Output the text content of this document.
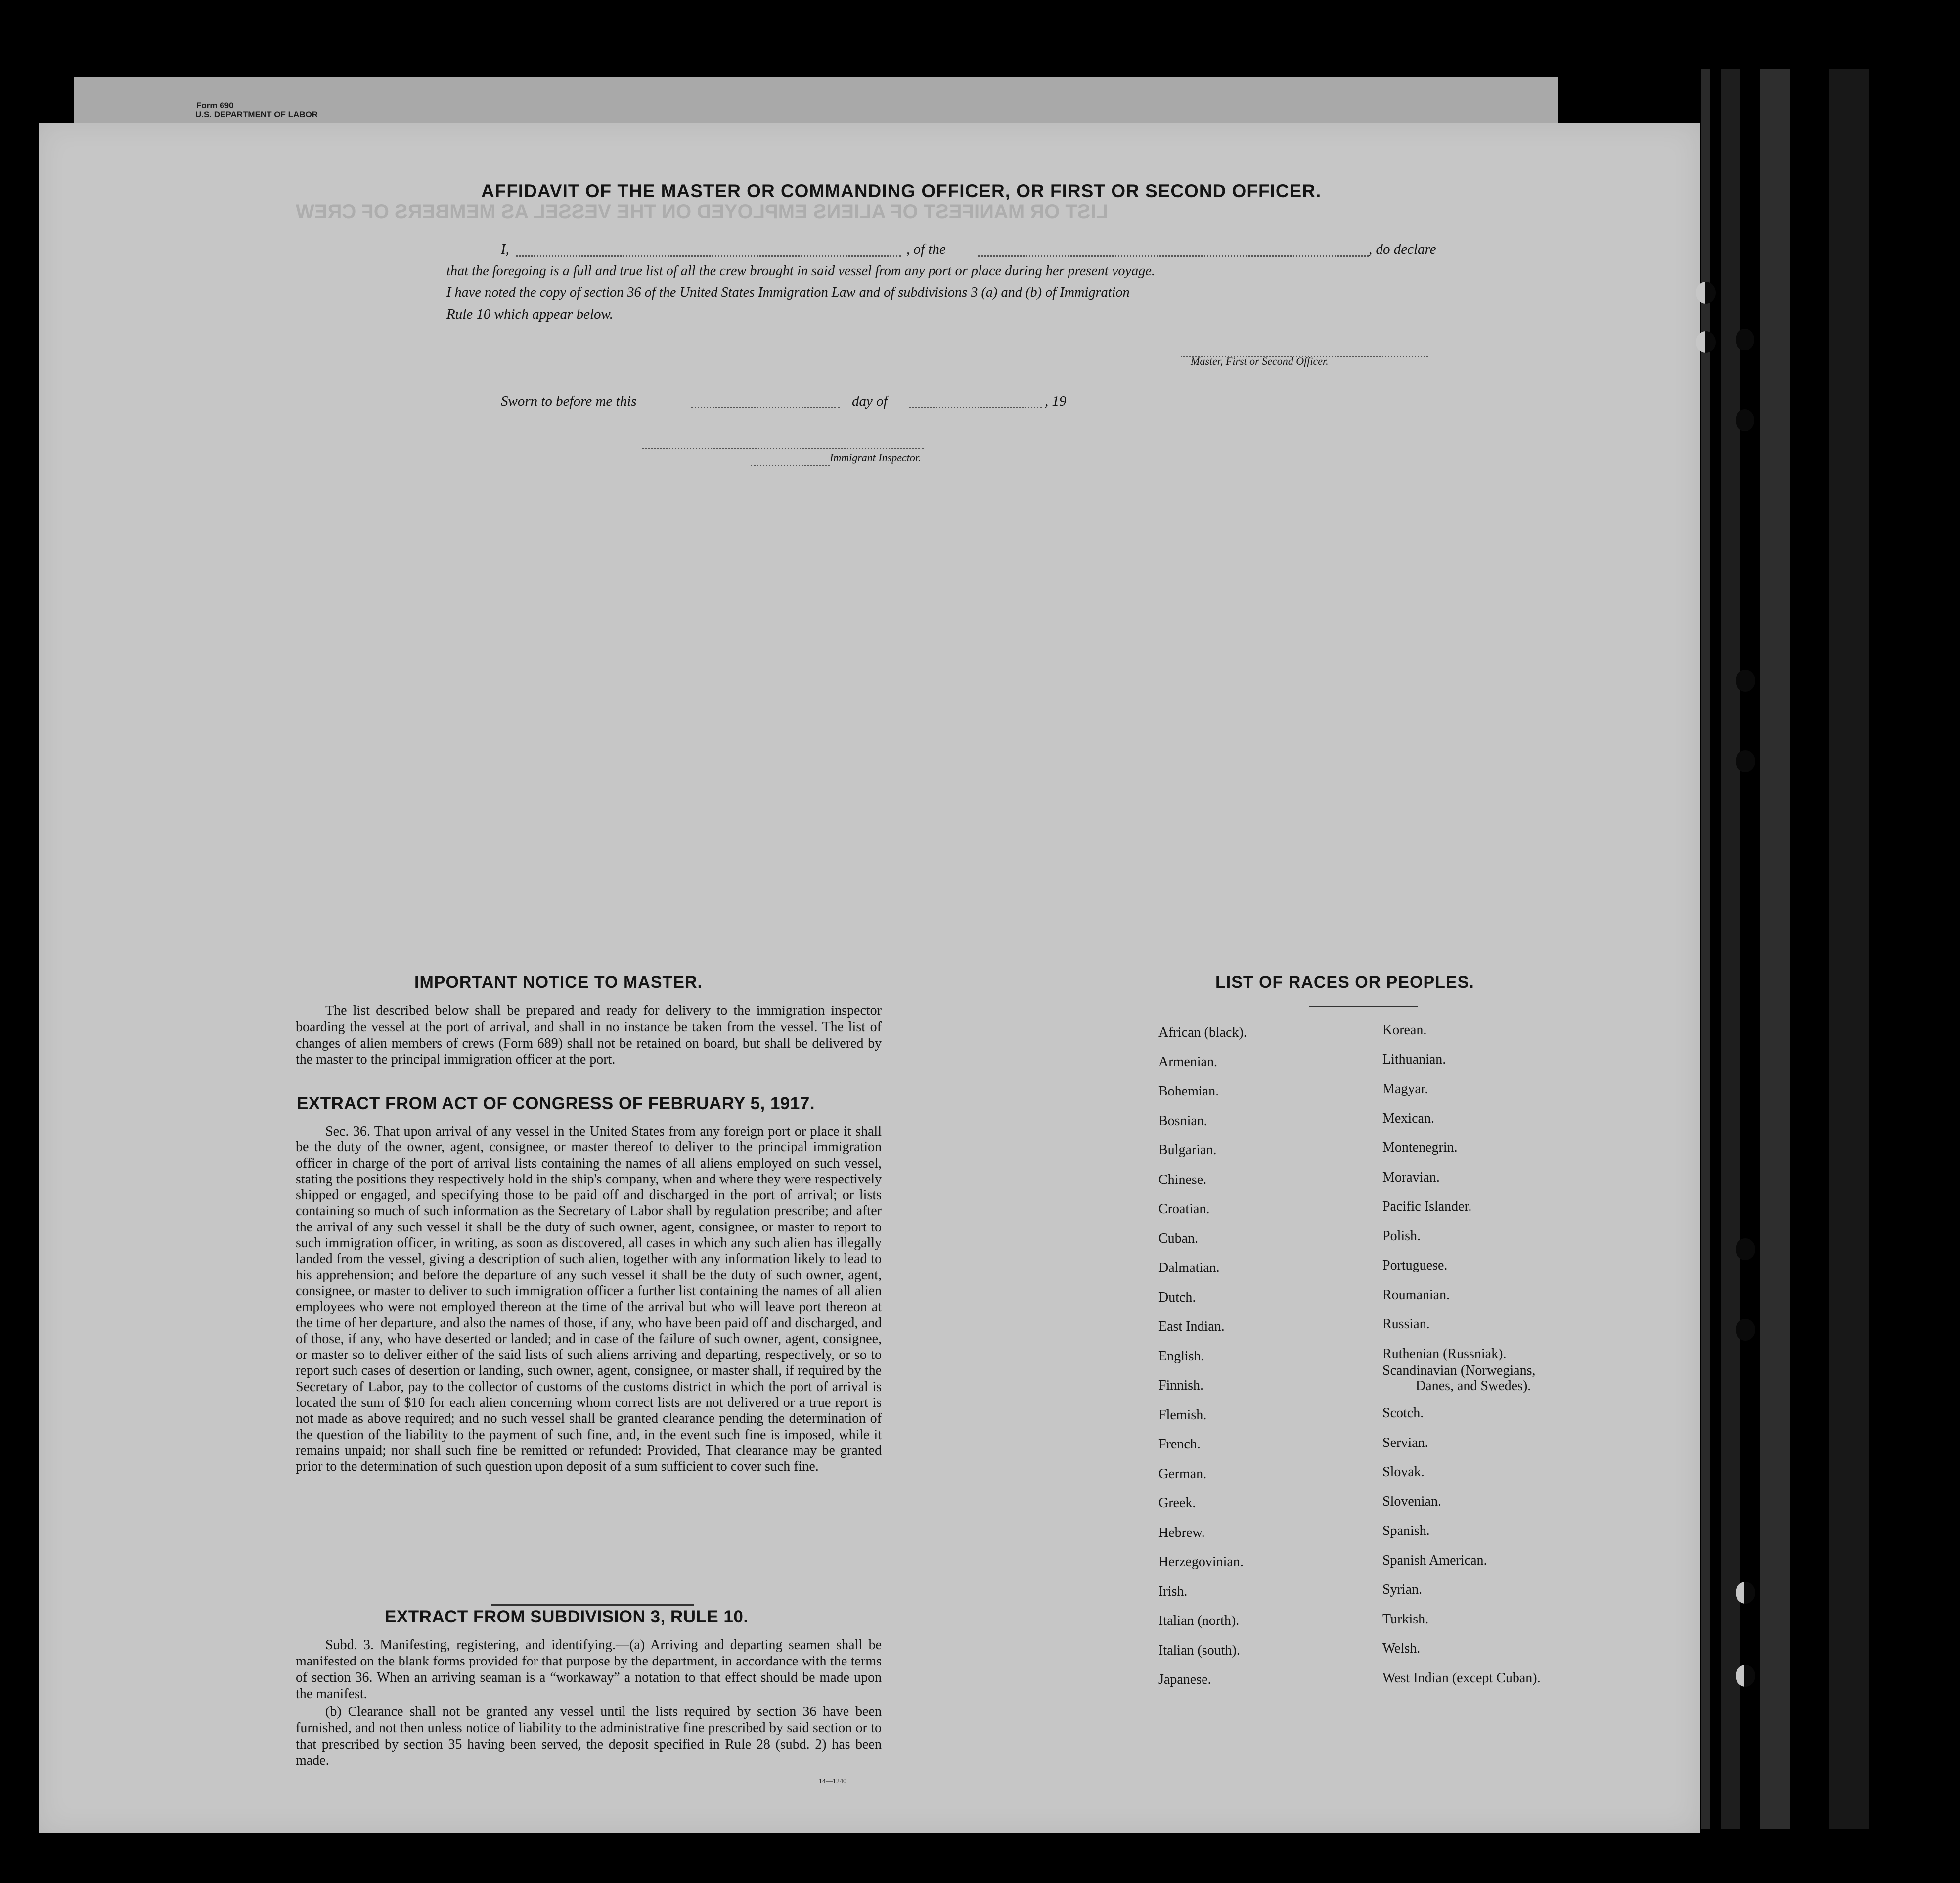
Form 690
U.S. DEPARTMENT OF LABOR
LIST OR MANIFEST OF ALIENS EMPLOYED ON THE VESSEL AS MEMBERS OF CREW
AFFIDAVIT OF THE MASTER OR COMMANDING OFFICER, OR FIRST OR SECOND OFFICER.
I,	, of the	, do declare
that the foregoing is a full and true list of all the crew brought in said vessel from any port or place during her present voyage.
I have noted the copy of section 36 of the United States Immigration Law and of subdivisions 3 (a) and (b) of Immigration
Rule 10 which appear below.
Master, First or Second Officer.
Sworn to before me this	day of	, 19
Immigrant Inspector.
IMPORTANT NOTICE TO MASTER.
The list described below shall be prepared and ready for delivery to the immigration inspector boarding the vessel at the port of arrival, and shall in no instance be taken from the vessel. The list of changes of alien members of crews (Form 689) shall not be retained on board, but shall be delivered by the master to the principal immigration officer at the port.
EXTRACT FROM ACT OF CONGRESS OF FEBRUARY 5, 1917.
Sec. 36. That upon arrival of any vessel in the United States from any foreign port or place it shall be the duty of the owner, agent, consignee, or master thereof to deliver to the principal immigration officer in charge of the port of arrival lists containing the names of all aliens employed on such vessel, stating the positions they respectively hold in the ship's company, when and where they were respectively shipped or engaged, and specifying those to be paid off and discharged in the port of arrival; or lists containing so much of such information as the Secretary of Labor shall by regulation prescribe; and after the arrival of any such vessel it shall be the duty of such owner, agent, consignee, or master to report to such immigration officer, in writing, as soon as discovered, all cases in which any such alien has illegally landed from the vessel, giving a description of such alien, together with any information likely to lead to his apprehension; and before the departure of any such vessel it shall be the duty of such owner, agent, consignee, or master to deliver to such immigration officer a further list containing the names of all alien employees who were not employed thereon at the time of the arrival but who will leave port thereon at the time of her departure, and also the names of those, if any, who have been paid off and discharged, and of those, if any, who have deserted or landed; and in case of the failure of such owner, agent, consignee, or master so to deliver either of the said lists of such aliens arriving and departing, respectively, or so to report such cases of desertion or landing, such owner, agent, consignee, or master shall, if required by the Secretary of Labor, pay to the collector of customs of the customs district in which the port of arrival is located the sum of $10 for each alien concerning whom correct lists are not delivered or a true report is not made as above required; and no such vessel shall be granted clearance pending the determination of the question of the liability to the payment of such fine, and, in the event such fine is imposed, while it remains unpaid; nor shall such fine be remitted or refunded: Provided, That clearance may be granted prior to the determination of such question upon deposit of a sum sufficient to cover such fine.
EXTRACT FROM SUBDIVISION 3, RULE 10.
Subd. 3. Manifesting, registering, and identifying.—(a) Arriving and departing seamen shall be manifested on the blank forms provided for that purpose by the department, in accordance with the terms of section 36. When an arriving seaman is a “workaway” a notation to that effect should be made upon the manifest.
(b) Clearance shall not be granted any vessel until the lists required by section 36 have been furnished, and not then unless notice of liability to the administrative fine prescribed by said section or to that prescribed by section 35 having been served, the deposit specified in Rule 28 (subd. 2) has been made.
14—1240
LIST OF RACES OR PEOPLES.
African (black).
Armenian.
Bohemian.
Bosnian.
Bulgarian.
Chinese.
Croatian.
Cuban.
Dalmatian.
Dutch.
East Indian.
English.
Finnish.
Flemish.
French.
German.
Greek.
Hebrew.
Herzegovinian.
Irish.
Italian (north).
Italian (south).
Japanese.
Korean.
Lithuanian.
Magyar.
Mexican.
Montenegrin.
Moravian.
Pacific Islander.
Polish.
Portuguese.
Roumanian.
Russian.
Ruthenian (Russniak).
Scandinavian (Norwegians,
Danes, and Swedes).
Scotch.
Servian.
Slovak.
Slovenian.
Spanish.
Spanish American.
Syrian.
Turkish.
Welsh.
West Indian (except Cuban).
